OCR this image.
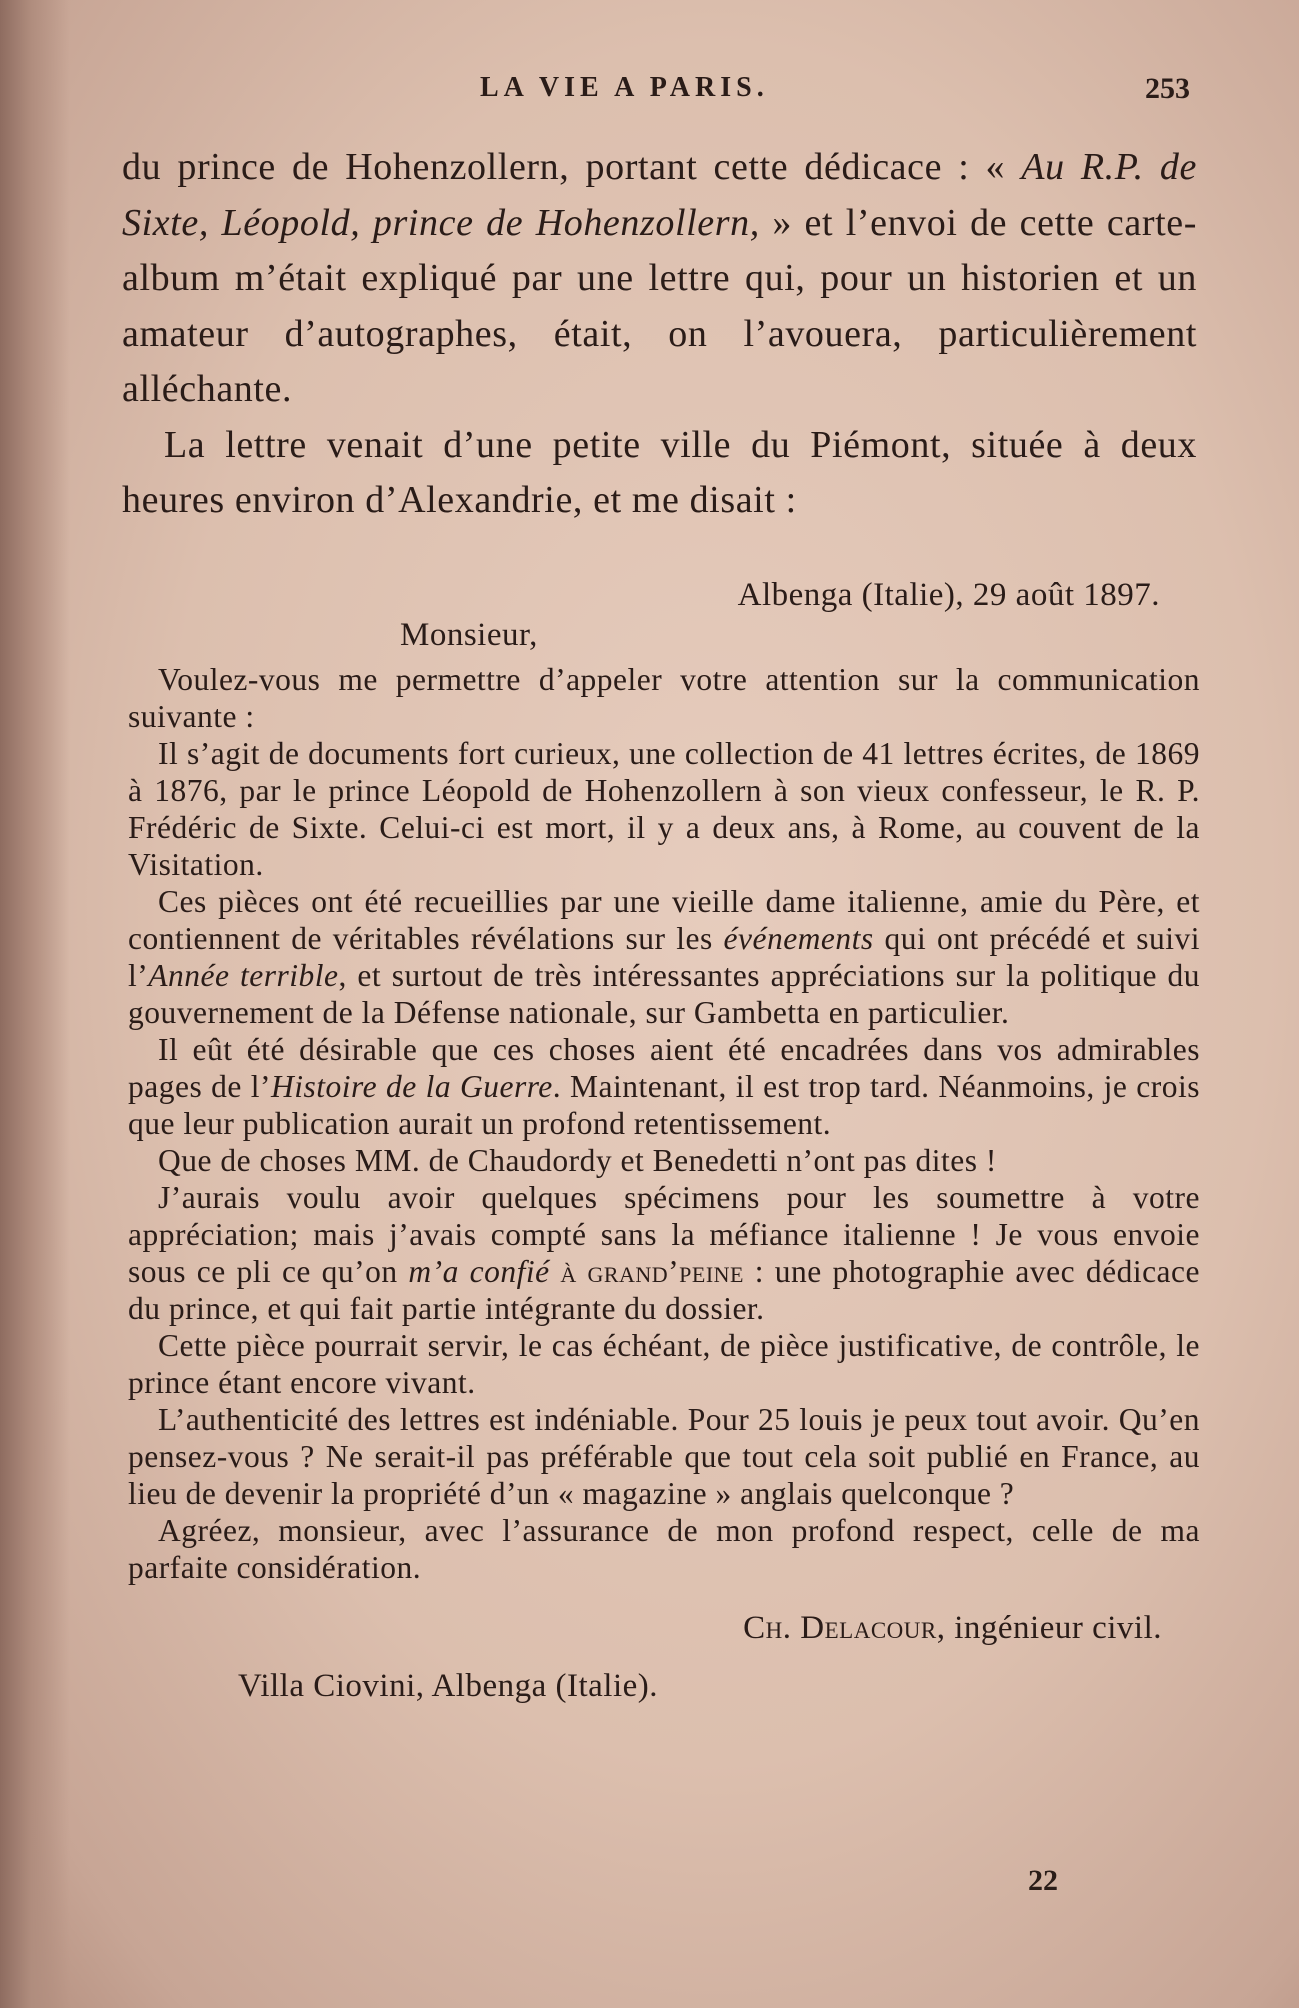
LA VIE A PARIS.	253

du prince de Hohenzollern, portant cette dédicace : « Au R.P. de Sixte, Léopold, prince de Hohenzollern, » et l’envoi de cette carte-album m’était expliqué par une lettre qui, pour un historien et un amateur d’autographes, était, on l’avouera, particulièrement alléchante.

La lettre venait d’une petite ville du Piémont, située à deux heures environ d’Alexandrie, et me disait :

Albenga (Italie), 29 août 1897.
Monsieur,

Voulez-vous me permettre d’appeler votre attention sur la communication suivante :

Il s’agit de documents fort curieux, une collection de 41 lettres écrites, de 1869 à 1876, par le prince Léopold de Hohenzollern à son vieux confesseur, le R. P. Frédéric de Sixte. Celui-ci est mort, il y a deux ans, à Rome, au couvent de la Visitation.

Ces pièces ont été recueillies par une vieille dame italienne, amie du Père, et contiennent de véritables révélations sur les événements qui ont précédé et suivi l’Année terrible, et surtout de très intéressantes appréciations sur la politique du gouvernement de la Défense nationale, sur Gambetta en particulier.

Il eût été désirable que ces choses aient été encadrées dans vos admirables pages de l’Histoire de la Guerre. Maintenant, il est trop tard. Néanmoins, je crois que leur publication aurait un profond retentissement.

Que de choses MM. de Chaudordy et Benedetti n’ont pas dites !

J’aurais voulu avoir quelques spécimens pour les soumettre à votre appréciation; mais j’avais compté sans la méfiance italienne ! Je vous envoie sous ce pli ce qu’on m’a confié à grand’peine : une photographie avec dédicace du prince, et qui fait partie intégrante du dossier.

Cette pièce pourrait servir, le cas échéant, de pièce justificative, de contrôle, le prince étant encore vivant.

L’authenticité des lettres est indéniable. Pour 25 louis je peux tout avoir. Qu’en pensez-vous ? Ne serait-il pas préférable que tout cela soit publié en France, au lieu de devenir la propriété d’un « magazine » anglais quelconque ?

Agréez, monsieur, avec l’assurance de mon profond respect, celle de ma parfaite considération.

Ch. Delacour, ingénieur civil.
Villa Ciovini, Albenga (Italie).
22
